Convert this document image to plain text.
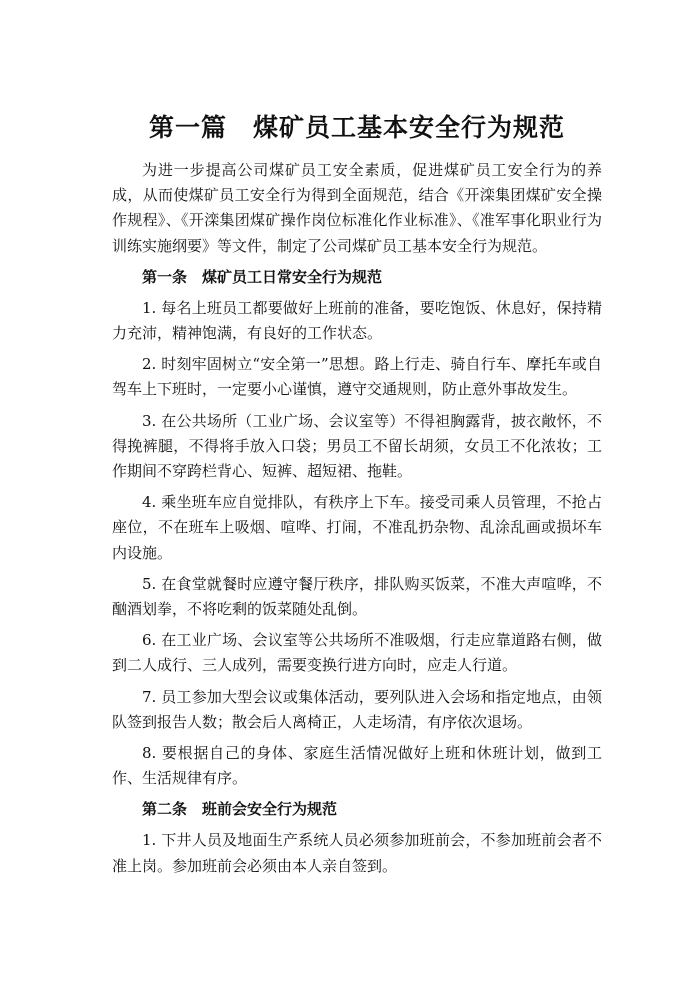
第一篇　煤矿员工基本安全行为规范

为进一步提高公司煤矿员工安全素质，促进煤矿员工安全行为的养成，从而使煤矿员工安全行为得到全面规范，结合《开滦集团煤矿安全操作规程》、《开滦集团煤矿操作岗位标准化作业标准》、《准军事化职业行为训练实施纲要》等文件，制定了公司煤矿员工基本安全行为规范。

第一条　煤矿员工日常安全行为规范

1. 每名上班员工都要做好上班前的准备，要吃饱饭、休息好，保持精力充沛，精神饱满，有良好的工作状态。

2. 时刻牢固树立“安全第一”思想。路上行走、骑自行车、摩托车或自驾车上下班时，一定要小心谨慎，遵守交通规则，防止意外事故发生。

3. 在公共场所（工业广场、会议室等）不得袒胸露背，披衣敞怀，不得挽裤腿，不得将手放入口袋；男员工不留长胡须，女员工不化浓妆；工作期间不穿跨栏背心、短裤、超短裙、拖鞋。

4. 乘坐班车应自觉排队，有秩序上下车。接受司乘人员管理，不抢占座位，不在班车上吸烟、喧哗、打闹，不准乱扔杂物、乱涂乱画或损坏车内设施。

5. 在食堂就餐时应遵守餐厅秩序，排队购买饭菜，不准大声喧哗，不酗酒划拳，不将吃剩的饭菜随处乱倒。

6. 在工业广场、会议室等公共场所不准吸烟，行走应靠道路右侧，做到二人成行、三人成列，需要变换行进方向时，应走人行道。

7. 员工参加大型会议或集体活动，要列队进入会场和指定地点，由领队签到报告人数；散会后人离椅正，人走场清，有序依次退场。

8. 要根据自己的身体、家庭生活情况做好上班和休班计划，做到工作、生活规律有序。

第二条　班前会安全行为规范

1. 下井人员及地面生产系统人员必须参加班前会，不参加班前会者不准上岗。参加班前会必须由本人亲自签到。
